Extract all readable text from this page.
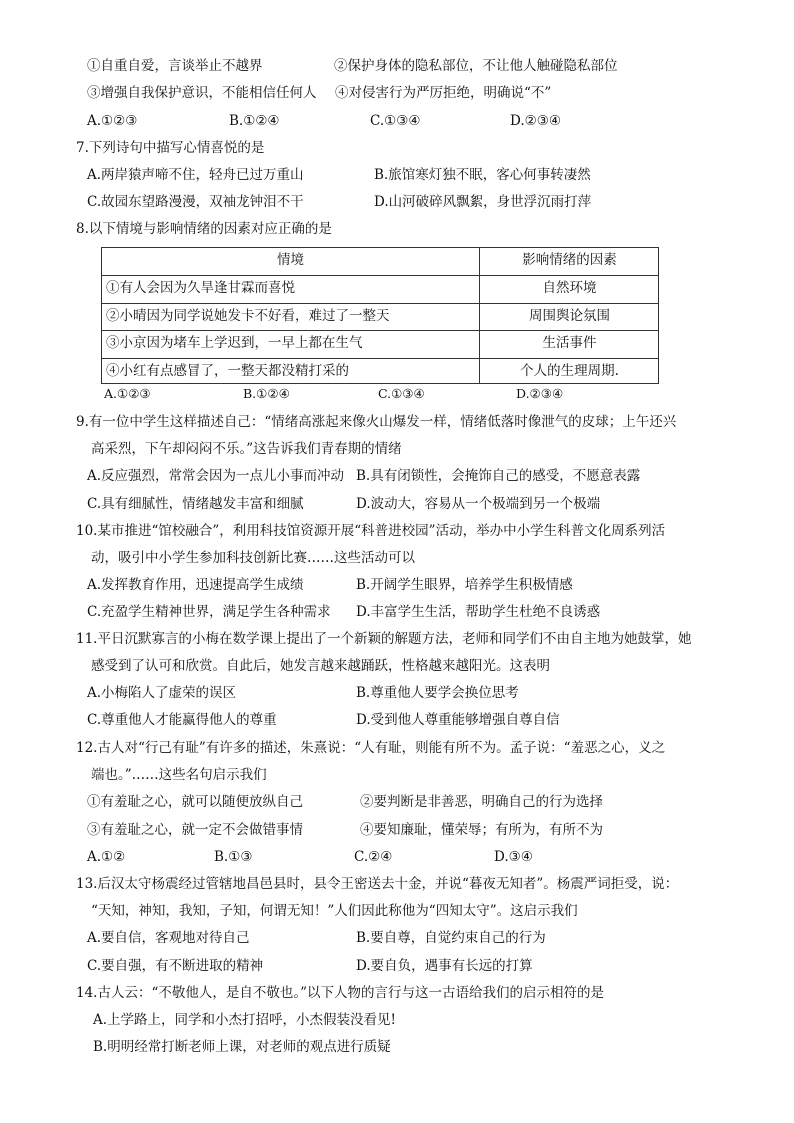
①自重自爱，言谈举止不越界	②保护身体的隐私部位，不让他人触碰隐私部位
③增强自我保护意识，不能相信任何人 ④对侵害行为严厉拒绝，明确说“不”
A.①②③	B.①②④	C.①③④	D.②③④
7.下列诗句中描写心情喜悦的是
A.两岸猿声啼不住，轻舟已过万重山	B.旅馆寒灯独不眠，客心何事转凄然
C.故园东望路漫漫，双袖龙钟泪不干	D.山河破碎风飘絮，身世浮沉雨打萍
8.以下情境与影响情绪的因素对应正确的是
情境	影响情绪的因素
①有人会因为久旱逢甘霖而喜悦	自然环境
②小晴因为同学说她发卡不好看，难过了一整天	周围舆论氛围
③小京因为堵车上学迟到，一早上都在生气	生活事件
④小红有点感冒了，一整天都没精打采的	个人的生理周期.
A.①②③	B.①②④	C.①③④	D.②③④
9.有一位中学生这样描述自己：“情绪高涨起来像火山爆发一样，情绪低落时像泄气的皮球；上午还兴
高采烈，下午却闷闷不乐。”这告诉我们青春期的情绪
A.反应强烈，常常会因为一点儿小事而冲动 B.具有闭锁性，会掩饰自己的感受，不愿意表露
C.具有细腻性，情绪越发丰富和细腻	D.波动大，容易从一个极端到另一个极端
10.某市推进“馆校融合”，利用科技馆资源开展“科普进校园”活动，举办中小学生科普文化周系列活
动，吸引中小学生参加科技创新比赛……这些活动可以
A.发挥教育作用，迅速提高学生成绩	B.开阔学生眼界，培养学生积极情感
C.充盈学生精神世界，满足学生各种需求 D.丰富学生生活，帮助学生杜绝不良诱惑
11.平日沉默寡言的小梅在数学课上提出了一个新颖的解题方法，老师和同学们不由自主地为她鼓掌，她
感受到了认可和欣赏。自此后，她发言越来越踊跃，性格越来越阳光。这表明
A.小梅陷人了虚荣的误区	B.尊重他人要学会换位思考
C.尊重他人才能赢得他人的尊重	D.受到他人尊重能够增强自尊自信
12.古人对“行己有耻”有许多的描述，朱熹说：“人有耻，则能有所不为。孟子说：“羞恶之心，义之
端也。”……这些名句启示我们
①有羞耻之心，就可以随便放纵自己	②要判断是非善恶，明确自己的行为选择
③有羞耻之心，就一定不会做错事情	④要知廉耻，懂荣辱；有所为，有所不为
A.①②	B.①③	C.②④	D.③④
13.后汉太守杨震经过管辖地昌邑县时，县令王密送去十金，并说“暮夜无知者”。杨震严词拒受，说：
“天知，神知，我知，子知，何谓无知！”人们因此称他为“四知太守”。这启示我们
A.要自信，客观地对待自己	B.要自尊，自觉约束自己的行为
C.要自强，有不断进取的精神	D.要自负，遇事有长远的打算
14.古人云：“不敬他人，是自不敬也。”以下人物的言行与这一古语给我们的启示相符的是
A.上学路上，同学和小杰打招呼，小杰假装没看见!
B.明明经常打断老师上课，对老师的观点进行质疑
